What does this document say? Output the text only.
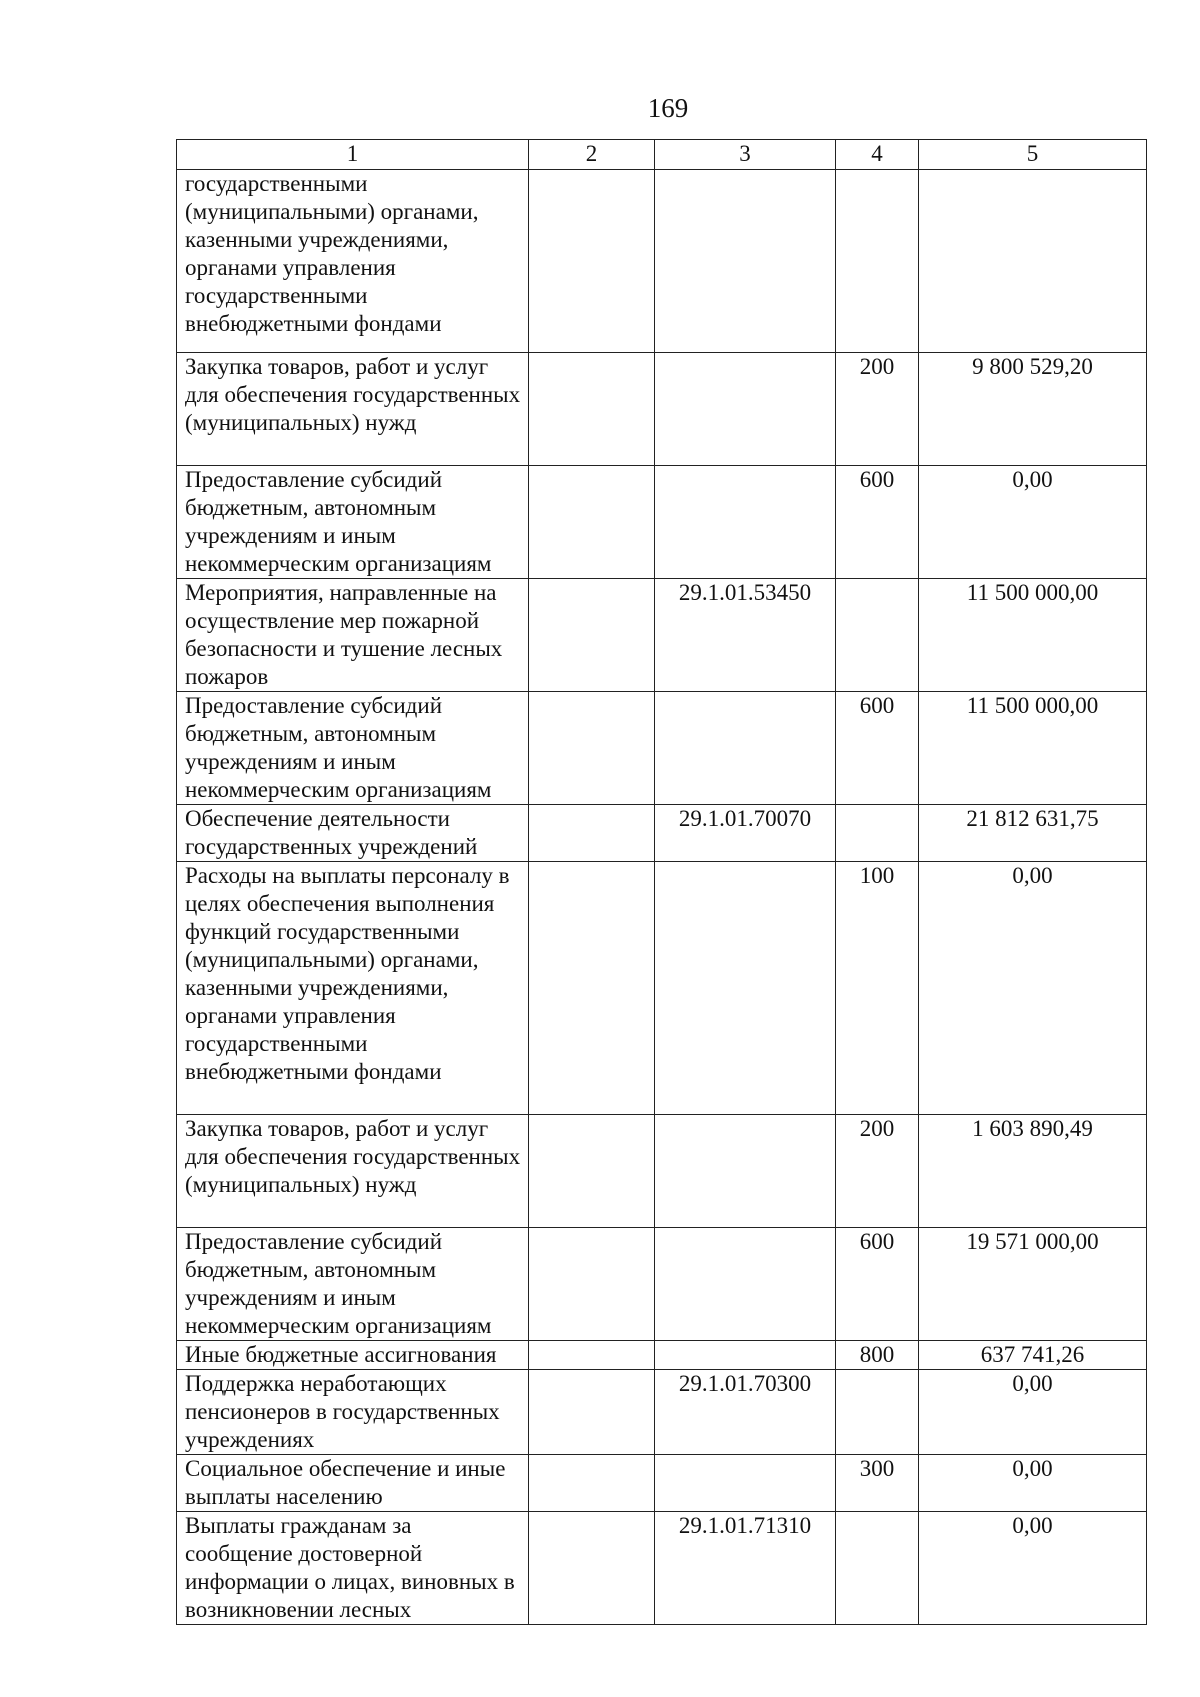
169
1	2	3	4	5
государственными (муниципальными) органами, казенными учреждениями, органами управления государственными внебюджетными фондами				
Закупка товаров, работ и услуг для обеспечения государственных (муниципальных) нужд			200	9 800 529,20
Предоставление субсидий бюджетным, автономным учреждениям и иным некоммерческим организациям			600	0,00
Мероприятия, направленные на осуществление мер пожарной безопасности и тушение лесных пожаров		29.1.01.53450		11 500 000,00
Предоставление субсидий бюджетным, автономным учреждениям и иным некоммерческим организациям			600	11 500 000,00
Обеспечение деятельности государственных учреждений		29.1.01.70070		21 812 631,75
Расходы на выплаты персоналу в целях обеспечения выполнения функций государственными (муниципальными) органами, казенными учреждениями, органами управления государственными внебюджетными фондами			100	0,00
Закупка товаров, работ и услуг для обеспечения государственных (муниципальных) нужд			200	1 603 890,49
Предоставление субсидий бюджетным, автономным учреждениям и иным некоммерческим организациям			600	19 571 000,00
Иные бюджетные ассигнования			800	637 741,26
Поддержка неработающих пенсионеров в государственных учреждениях		29.1.01.70300		0,00
Социальное обеспечение и иные выплаты населению			300	0,00
Выплаты гражданам за сообщение достоверной информации о лицах, виновных в возникновении лесных		29.1.01.71310		0,00
